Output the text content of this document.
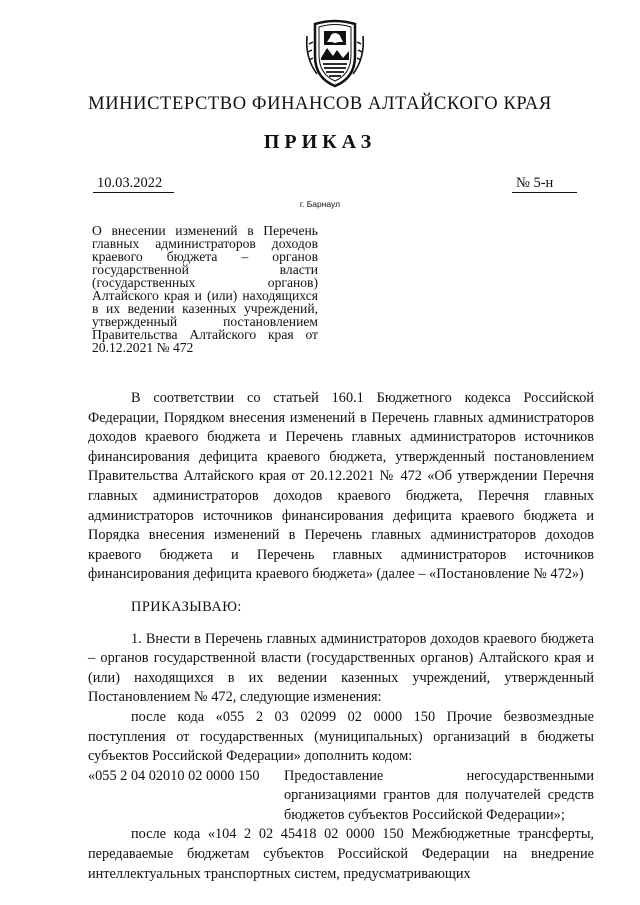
МИНИСТЕРСТВО ФИНАНСОВ АЛТАЙСКОГО КРАЯ
ПРИКАЗ
10.03.2022	№ 5-н
г. Барнаул

О внесении изменений в Перечень главных администраторов доходов краевого бюджета – органов государственной власти (государственных органов) Алтайского края и (или) находящихся в их ведении казенных учреждений, утвержденный постановлением Правительства Алтайского края от 20.12.2021 № 472

В соответствии со статьей 160.1 Бюджетного кодекса Российской Федерации, Порядком внесения изменений в Перечень главных администраторов доходов краевого бюджета и Перечень главных администраторов источников финансирования дефицита краевого бюджета, утвержденный постановлением Правительства Алтайского края от 20.12.2021 № 472 «Об утверждении Перечня главных администраторов доходов краевого бюджета, Перечня главных администраторов источников финансирования дефицита краевого бюджета и Порядка внесения изменений в Перечень главных администраторов доходов краевого бюджета и Перечень главных администраторов источников финансирования дефицита краевого бюджета» (далее – «Постановление № 472»)

ПРИКАЗЫВАЮ:

1. Внести в Перечень главных администраторов доходов краевого бюджета – органов государственной власти (государственных органов) Алтайского края и (или) находящихся в их ведении казенных учреждений, утвержденный Постановлением № 472, следующие изменения:

после кода «055 2 03 02099 02 0000 150 Прочие безвозмездные поступления от государственных (муниципальных) организаций в бюджеты субъектов Российской Федерации» дополнить кодом:

«055 2 04 02010 02 0000 150	Предоставление негосударственными организациями грантов для получателей средств бюджетов субъектов Российской Федерации»;

после кода «104 2 02 45418 02 0000 150 Межбюджетные трансферты, передаваемые бюджетам субъектов Российской Федерации на внедрение интеллектуальных транспортных систем, предусматривающих
